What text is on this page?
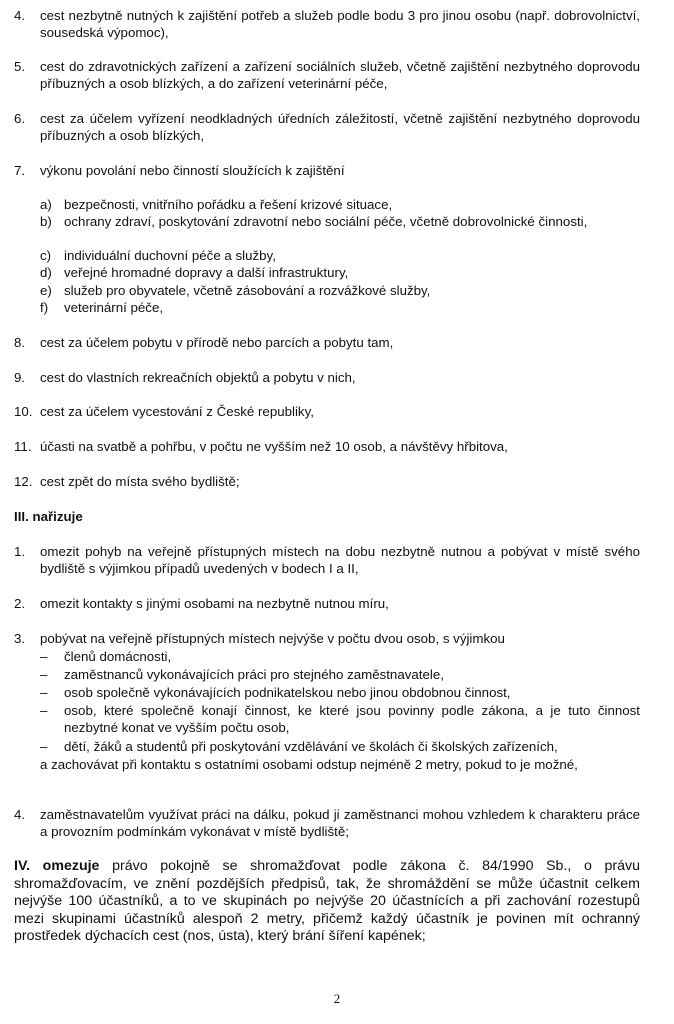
4. cest nezbytně nutných k zajištění potřeb a služeb podle bodu 3 pro jinou osobu (např. dobrovolnictví, sousedská výpomoc),
5. cest do zdravotnických zařízení a zařízení sociálních služeb, včetně zajištění nezbytného doprovodu příbuzných a osob blízkých, a do zařízení veterinární péče,
6. cest za účelem vyřízení neodkladných úředních záležitostí, včetně zajištění nezbytného doprovodu příbuzných a osob blízkých,
7. výkonu povolání nebo činností sloužících k zajištění
a) bezpečnosti, vnitřního pořádku a řešení krizové situace,
b) ochrany zdraví, poskytování zdravotní nebo sociální péče, včetně dobrovolnické činnosti,
c) individuální duchovní péče a služby,
d) veřejné hromadné dopravy a další infrastruktury,
e) služeb pro obyvatele, včetně zásobování a rozvážkové služby,
f) veterinární péče,
8. cest za účelem pobytu v přírodě nebo parcích a pobytu tam,
9. cest do vlastních rekreačních objektů a pobytu v nich,
10. cest za účelem vycestování z České republiky,
11. účasti na svatbě a pohřbu, v počtu ne vyšším než 10 osob, a návštěvy hřbitova,
12. cest zpět do místa svého bydliště;
III. nařizuje
1. omezit pohyb na veřejně přístupných místech na dobu nezbytně nutnou a pobývat v místě svého bydliště s výjimkou případů uvedených v bodech I a II,
2. omezit kontakty s jinými osobami na nezbytně nutnou míru,
3. pobývat na veřejně přístupných místech nejvýše v počtu dvou osob, s výjimkou
– členů domácnosti,
– zaměstnanců vykonávajících práci pro stejného zaměstnavatele,
– osob společně vykonávajících podnikatelskou nebo jinou obdobnou činnost,
– osob, které společně konají činnost, ke které jsou povinny podle zákona, a je tuto činnost nezbytné konat ve vyšším počtu osob,
– dětí, žáků a studentů při poskytování vzdělávání ve školách či školských zařízeních,
a zachovávat při kontaktu s ostatními osobami odstup nejméně 2 metry, pokud to je možné,
4. zaměstnavatelům využívat práci na dálku, pokud ji zaměstnanci mohou vzhledem k charakteru práce a provozním podmínkám vykonávat v místě bydliště;
IV. omezuje právo pokojně se shromažďovat podle zákona č. 84/1990 Sb., o právu shromažďovacím, ve znění pozdějších předpisů, tak, že shromáždění se může účastnit celkem nejvýše 100 účastníků, a to ve skupinách po nejvýše 20 účastnících a při zachování rozestupů mezi skupinami účastníků alespoň 2 metry, přičemž každý účastník je povinen mít ochranný prostředek dýchacích cest (nos, ústa), který brání šíření kapének;
2
